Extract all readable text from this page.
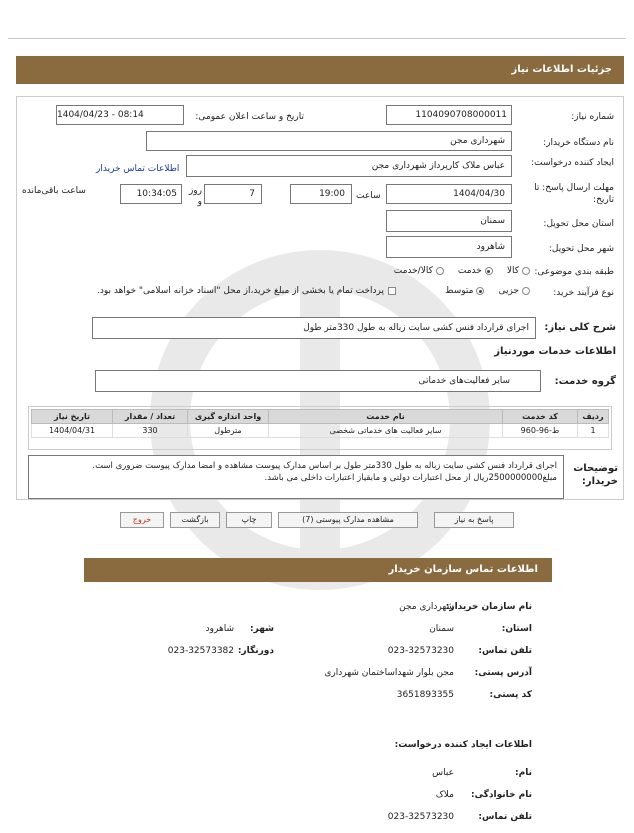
جزئیات اطلاعات نیاز
شماره نیاز:
1104090708000011
تاریخ و ساعت اعلان عمومی:
1404/04/23 - 08:14
نام دستگاه خریدار:
شهرداری مجن
ایجاد کننده درخواست:
عباس ملاک کارپرداز شهرداری مجن
اطلاعات تماس خریدار
مهلت ارسال پاسخ: تا تاریخ:
1404/04/30
ساعت
19:00
7
روز و
10:34:05
ساعت باقی‌مانده
استان محل تحویل:
سمنان
شهر محل تحویل:
شاهرود
طبقه بندی موضوعی:
کالا
خدمت
کالا/خدمت
نوع فرآیند خرید:
جزیی
متوسط
پرداخت تمام یا بخشی از مبلغ خرید،از محل "اسناد خزانه اسلامی" خواهد بود.
شرح کلی نیاز:
اجرای قرارداد فنس کشی سایت زباله به طول 330متر طول
اطلاعات خدمات موردنیاز
گروه خدمت:
سایر فعالیت‌های خدماتی
ردیف	کد خدمت	نام خدمت	واحد اندازه گیری	تعداد / مقدار	تاریخ نیاز
1	ط-96-960	سایر فعالیت های خدماتی شخصی	مترطول	330	1404/04/31
توضیحات خریدار:
اجرای قرارداد فنس کشی سایت زباله به طول 330متر طول بر اساس مدارک پیوست مشاهده و امضا مدارک پیوست ضروری است.
مبلغ2500000000ریال از محل اعتبارات دولتی و مابقیاز اعتبارات داخلی می باشد.
پاسخ به نیاز
مشاهده مدارک پیوستی (7)
چاپ
بازگشت
خروج
اطلاعات تماس سازمان خریدار
نام سازمان خریدار:
شهرداری مجن
استان:
سمنان
شهر:
شاهرود
تلفن تماس:
023-32573230
دورنگار:
023-32573382
آدرس پستی:
مجن بلوار شهداساختمان شهرداری
کد پستی:
3651893355
اطلاعات ایجاد کننده درخواست:
نام:
عباس
نام خانوادگی:
ملاک
تلفن تماس:
023-32573230
